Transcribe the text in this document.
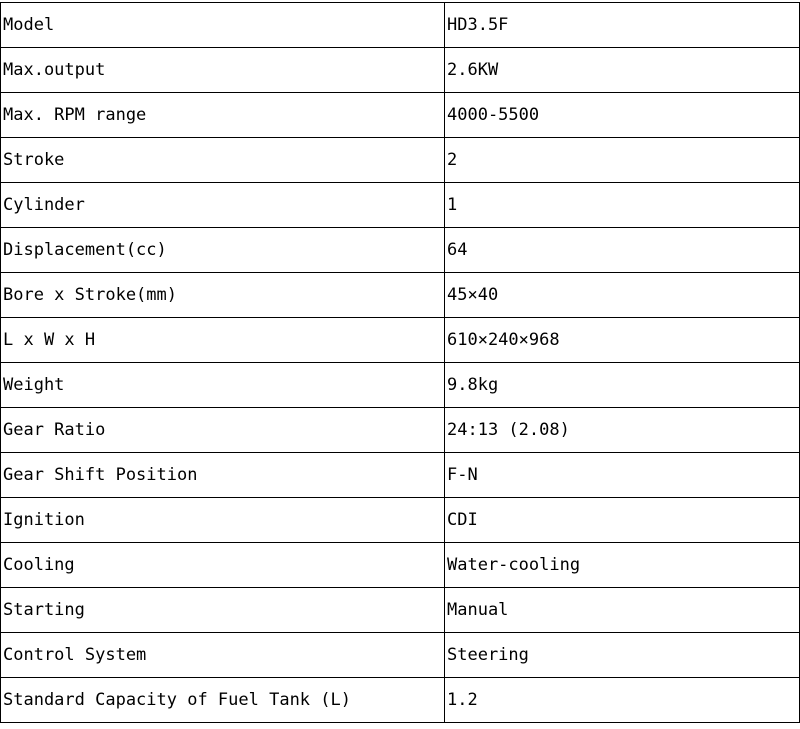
Model	HD3.5F
Max.output	2.6KW
Max. RPM range	4000-5500
Stroke	2
Cylinder	1
Displacement(cc)	64
Bore x Stroke(mm)	45×40
L x W x H	610×240×968
Weight	9.8kg
Gear Ratio	24:13 (2.08)
Gear Shift Position	F-N
Ignition	CDI
Cooling	Water-cooling
Starting	Manual
Control System	Steering
Standard Capacity of Fuel Tank (L)	1.2
